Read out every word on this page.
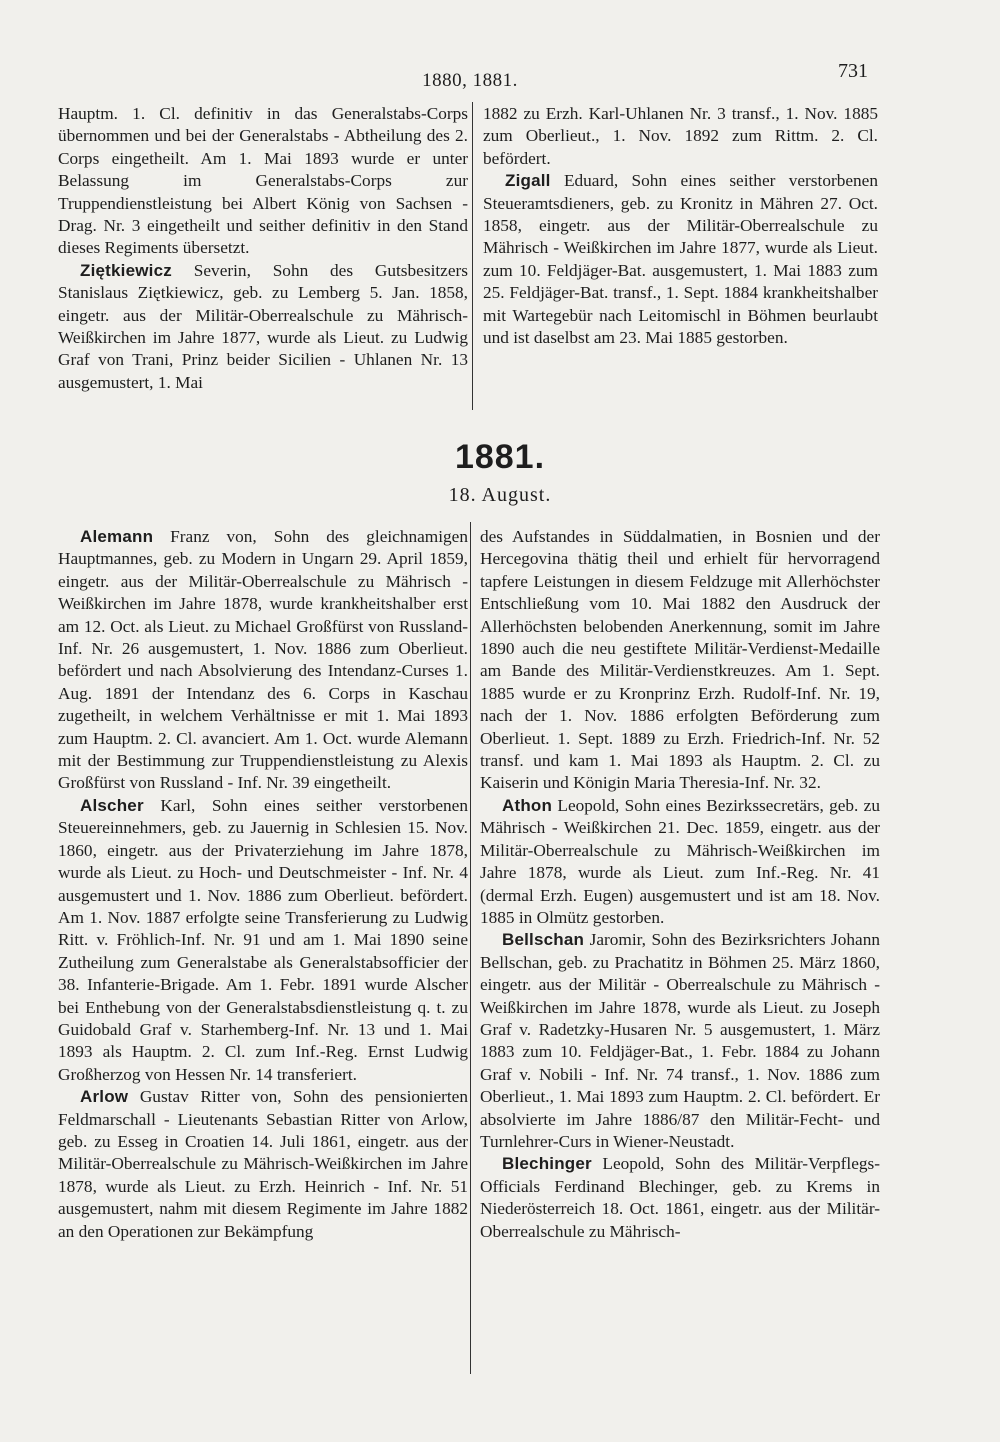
731
1880, 1881.

Hauptm. 1. Cl. definitiv in das Generalstabs-Corps übernommen und bei der Generalstabs - Abtheilung des 2. Corps eingetheilt. Am 1. Mai 1893 wurde er unter Belassung im Generalstabs-Corps zur Truppendienstleistung bei Albert König von Sachsen - Drag. Nr. 3 eingetheilt und seither definitiv in den Stand dieses Regiments übersetzt.

Ziętkiewicz Severin, Sohn des Gutsbesitzers Stanislaus Ziętkiewicz, geb. zu Lemberg 5. Jan. 1858, eingetr. aus der Militär-Oberrealschule zu Mährisch-Weißkirchen im Jahre 1877, wurde als Lieut. zu Ludwig Graf von Trani, Prinz beider Sicilien - Uhlanen Nr. 13 ausgemustert, 1. Mai

1882 zu Erzh. Karl-Uhlanen Nr. 3 transf., 1. Nov. 1885 zum Oberlieut., 1. Nov. 1892 zum Rittm. 2. Cl. befördert.

Zigall Eduard, Sohn eines seither verstorbenen Steueramtsdieners, geb. zu Kronitz in Mähren 27. Oct. 1858, eingetr. aus der Militär-Oberrealschule zu Mährisch - Weißkirchen im Jahre 1877, wurde als Lieut. zum 10. Feldjäger-Bat. ausgemustert, 1. Mai 1883 zum 25. Feldjäger-Bat. transf., 1. Sept. 1884 krankheitshalber mit Wartegebür nach Leitomischl in Böhmen beurlaubt und ist daselbst am 23. Mai 1885 gestorben.

1881.
18. August.

Alemann Franz von, Sohn des gleichnamigen Hauptmannes, geb. zu Modern in Ungarn 29. April 1859, eingetr. aus der Militär-Oberrealschule zu Mährisch - Weißkirchen im Jahre 1878, wurde krankheitshalber erst am 12. Oct. als Lieut. zu Michael Großfürst von Russland-Inf. Nr. 26 ausgemustert, 1. Nov. 1886 zum Oberlieut. befördert und nach Absolvierung des Intendanz-Curses 1. Aug. 1891 der Intendanz des 6. Corps in Kaschau zugetheilt, in welchem Verhältnisse er mit 1. Mai 1893 zum Hauptm. 2. Cl. avanciert. Am 1. Oct. wurde Alemann mit der Bestimmung zur Truppendienstleistung zu Alexis Großfürst von Russland - Inf. Nr. 39 eingetheilt.

Alscher Karl, Sohn eines seither verstorbenen Steuereinnehmers, geb. zu Jauernig in Schlesien 15. Nov. 1860, eingetr. aus der Privaterziehung im Jahre 1878, wurde als Lieut. zu Hoch- und Deutschmeister - Inf. Nr. 4 ausgemustert und 1. Nov. 1886 zum Oberlieut. befördert. Am 1. Nov. 1887 erfolgte seine Transferierung zu Ludwig Ritt. v. Fröhlich-Inf. Nr. 91 und am 1. Mai 1890 seine Zutheilung zum Generalstabe als Generalstabsofficier der 38. Infanterie-Brigade. Am 1. Febr. 1891 wurde Alscher bei Enthebung von der Generalstabsdienstleistung q. t. zu Guidobald Graf v. Starhemberg-Inf. Nr. 13 und 1. Mai 1893 als Hauptm. 2. Cl. zum Inf.-Reg. Ernst Ludwig Großherzog von Hessen Nr. 14 transferiert.

Arlow Gustav Ritter von, Sohn des pensionierten Feldmarschall - Lieutenants Sebastian Ritter von Arlow, geb. zu Esseg in Croatien 14. Juli 1861, eingetr. aus der Militär-Oberrealschule zu Mährisch-Weißkirchen im Jahre 1878, wurde als Lieut. zu Erzh. Heinrich - Inf. Nr. 51 ausgemustert, nahm mit diesem Regimente im Jahre 1882 an den Operationen zur Bekämpfung

des Aufstandes in Süddalmatien, in Bosnien und der Hercegovina thätig theil und erhielt für hervorragend tapfere Leistungen in diesem Feldzuge mit Allerhöchster Entschließung vom 10. Mai 1882 den Ausdruck der Allerhöchsten belobenden Anerkennung, somit im Jahre 1890 auch die neu gestiftete Militär-Verdienst-Medaille am Bande des Militär-Verdienstkreuzes. Am 1. Sept. 1885 wurde er zu Kronprinz Erzh. Rudolf-Inf. Nr. 19, nach der 1. Nov. 1886 erfolgten Beförderung zum Oberlieut. 1. Sept. 1889 zu Erzh. Friedrich-Inf. Nr. 52 transf. und kam 1. Mai 1893 als Hauptm. 2. Cl. zu Kaiserin und Königin Maria Theresia-Inf. Nr. 32.

Athon Leopold, Sohn eines Bezirkssecretärs, geb. zu Mährisch - Weißkirchen 21. Dec. 1859, eingetr. aus der Militär-Oberrealschule zu Mährisch-Weißkirchen im Jahre 1878, wurde als Lieut. zum Inf.-Reg. Nr. 41 (dermal Erzh. Eugen) ausgemustert und ist am 18. Nov. 1885 in Olmütz gestorben.

Bellschan Jaromir, Sohn des Bezirksrichters Johann Bellschan, geb. zu Prachatitz in Böhmen 25. März 1860, eingetr. aus der Militär - Oberrealschule zu Mährisch - Weißkirchen im Jahre 1878, wurde als Lieut. zu Joseph Graf v. Radetzky-Husaren Nr. 5 ausgemustert, 1. März 1883 zum 10. Feldjäger-Bat., 1. Febr. 1884 zu Johann Graf v. Nobili - Inf. Nr. 74 transf., 1. Nov. 1886 zum Oberlieut., 1. Mai 1893 zum Hauptm. 2. Cl. befördert. Er absolvierte im Jahre 1886/87 den Militär-Fecht- und Turnlehrer-Curs in Wiener-Neustadt.

Blechinger Leopold, Sohn des Militär-Verpflegs-Officials Ferdinand Blechinger, geb. zu Krems in Niederösterreich 18. Oct. 1861, eingetr. aus der Militär-Oberrealschule zu Mährisch-
